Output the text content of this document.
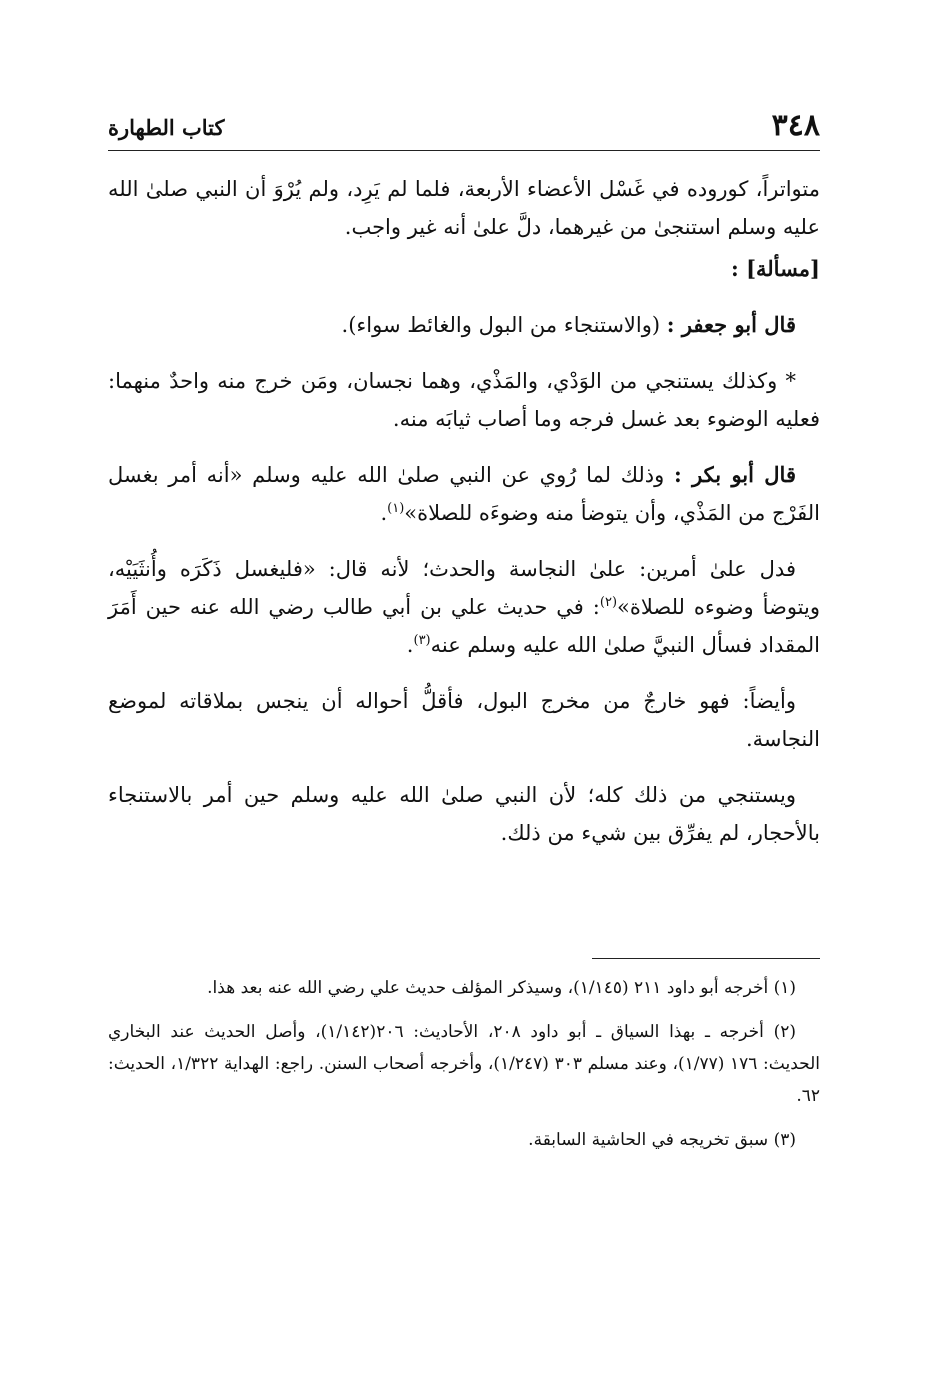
٣٤٨
كتاب الطهارة

متواتراً، كوروده في غَسْل الأعضاء الأربعة، فلما لم يَرِد، ولم يُرْوَ أن النبي صلىٰ الله عليه وسلم استنجىٰ من غيرهما، دلَّ علىٰ أنه غير واجب.

[مسألة] :

قال أبو جعفر : (والاستنجاء من البول والغائط سواء).

* وكذلك يستنجي من الوَدْي، والمَذْي، وهما نجسان، ومَن خرج منه واحدٌ منهما: فعليه الوضوء بعد غسل فرجه وما أصاب ثيابَه منه.

قال أبو بكر : وذلك لما رُوي عن النبي صلىٰ الله عليه وسلم «أنه أمر بغسل الفَرْج من المَذْي، وأن يتوضأ منه وضوءَه للصلاة»$^{(١)}$.

فدل علىٰ أمرين: علىٰ النجاسة والحدث؛ لأنه قال: «فليغسل ذَكَرَه وأُنثَيَيْه، ويتوضأ وضوءه للصلاة»$^{(٢)}$: في حديث علي بن أبي طالب رضي الله عنه حين أَمَرَ المقداد فسأل النبيَّ صلىٰ الله عليه وسلم عنه$^{(٣)}$.

وأيضاً: فهو خارجٌ من مخرج البول، فأقلُّ أحواله أن ينجس بملاقاته لموضع النجاسة.

ويستنجي من ذلك كله؛ لأن النبي صلىٰ الله عليه وسلم حين أمر بالاستنجاء بالأحجار، لم يفرِّق بين شيء من ذلك.

(١) أخرجه أبو داود ٢١١ (١/١٤٥)، وسيذكر المؤلف حديث علي رضي الله عنه بعد هذا.

(٢) أخرجه ـ بهذا السياق ـ أبو داود ٢٠٨، الأحاديث: ٢٠٦(١/١٤٢)، وأصل الحديث عند البخاري الحديث: ١٧٦ (١/٧٧)، وعند مسلم ٣٠٣ (١/٢٤٧)، وأخرجه أصحاب السنن. راجع: الهداية ١/٣٢٢، الحديث: ٦٢.

(٣) سبق تخريجه في الحاشية السابقة.
